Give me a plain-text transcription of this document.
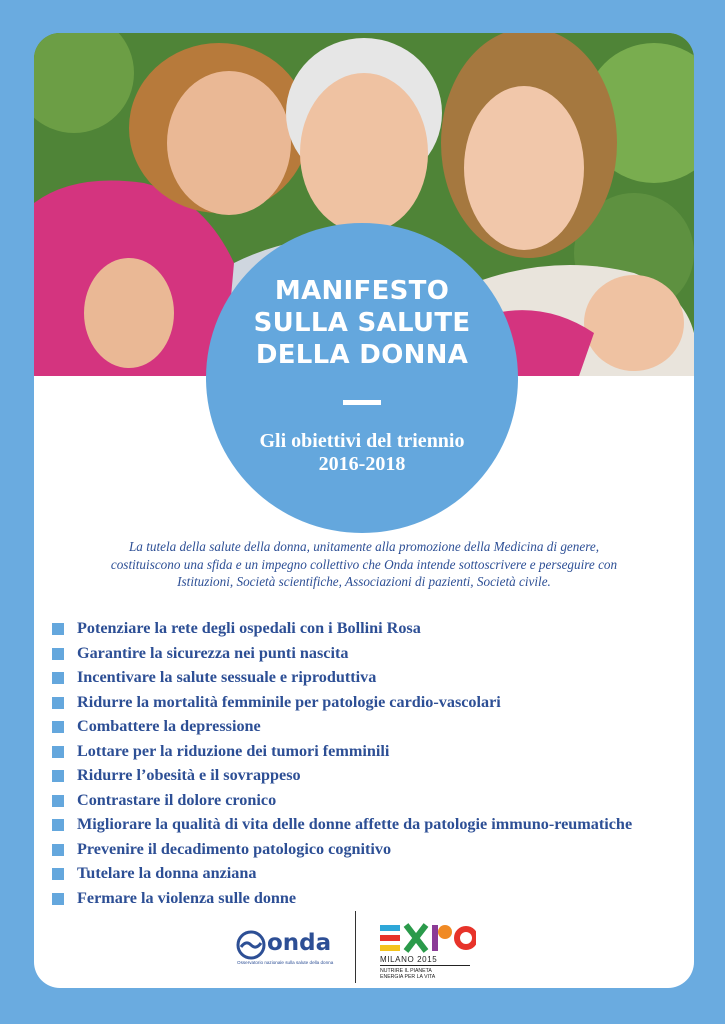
MANIFESTO
SULLA SALUTE
DELLA DONNA
Gli obiettivi del triennio
2016-2018
La tutela della salute della donna, unitamente alla promozione della Medicina di genere,
costituiscono una sfida e un impegno collettivo che Onda intende sottoscrivere e perseguire con
Istituzioni, Società scientifiche, Associazioni di pazienti, Società civile.
Potenziare la rete degli ospedali con i Bollini Rosa
Garantire la sicurezza nei punti nascita
Incentivare la salute sessuale e riproduttiva
Ridurre la mortalità femminile per patologie cardio-vascolari
Combattere la depressione
Lottare per la riduzione dei tumori femminili
Ridurre l’obesità e il sovrappeso
Contrastare il dolore cronico
Migliorare la qualità di vita delle donne affette da patologie immuno-reumatiche
Prevenire il decadimento patologico cognitivo
Tutelare la donna anziana
Fermare la violenza sulle donne
onda
Osservatorio nazionale sulla salute della donna	MILANO 2015
NUTRIRE IL PIANETA
ENERGIA PER LA VITA
